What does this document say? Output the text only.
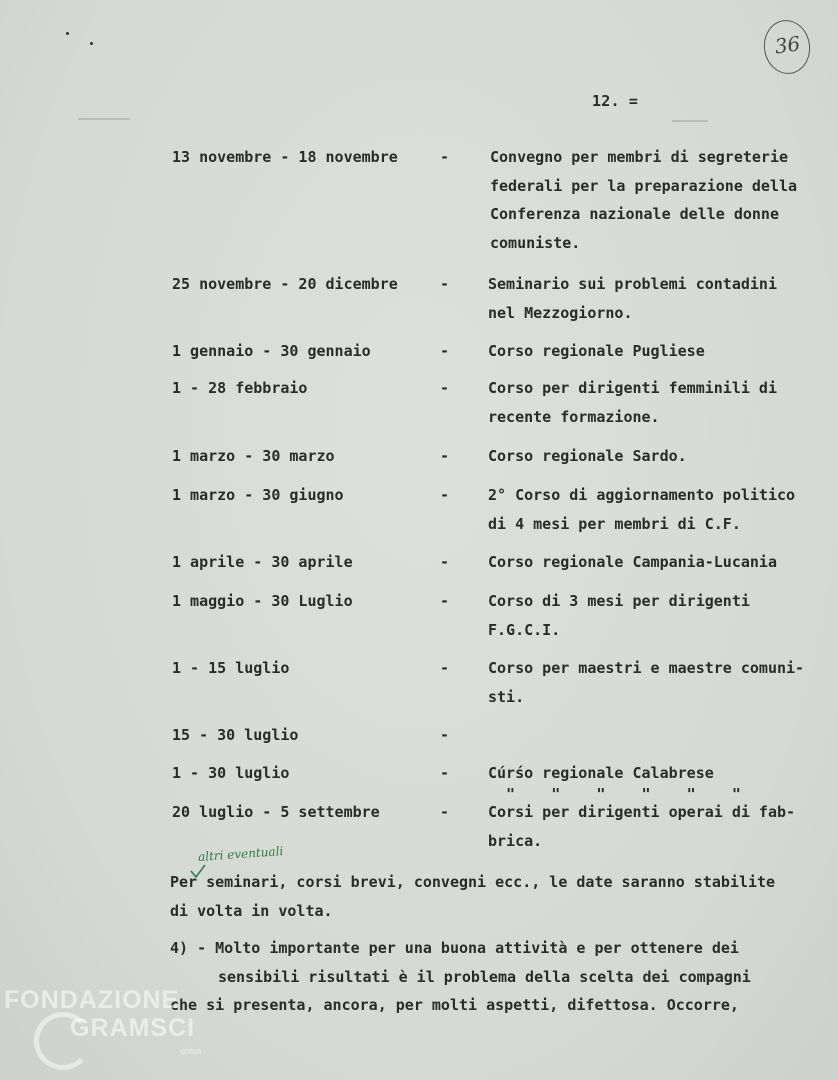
36
12. =
13 novembre - 18 novembre	-	Convegno per membri di segreterie
federali per la preparazione della
Conferenza nazionale delle donne
comuniste.
25 novembre - 20 dicembre	-	Seminario sui problemi contadini
nel Mezzogiorno.
1 gennaio - 30 gennaio	-	Corso regionale Pugliese
1 - 28 febbraio	-	Corso per dirigenti femminili di
recente formazione.
1 marzo - 30 marzo	-	Corso regionale Sardo.
1 marzo - 30 giugno	-	2° Corso di aggiornamento politico
di 4 mesi per membri di C.F.
1 aprile - 30 aprile	-	Corso regionale Campania-Lucania
1 maggio - 30 Luglio	-	Corso di 3 mesi per dirigenti
F.G.C.I.
1 - 15 luglio	-	Corso per maestri e maestre comuni-
sti.
15 - 30 luglio	-

"    "    "    "    "    "

1 - 30 luglio	-	Cúrśo regionale Calabrese
20 luglio - 5 settembre	-	Corsi per dirigenti operai di fab-
brica.
altri eventuali
Per seminari, corsi brevi, convegni ecc., le date saranno stabilite
di volta in volta.
4) - Molto importante per una buona attività e per ottenere dei
sensibili risultati è il problema della scelta dei compagni
che si presenta, ancora, per molti aspetti, difettosa. Occorre,
FONDAZIONE
GRAMSCI
onlus
